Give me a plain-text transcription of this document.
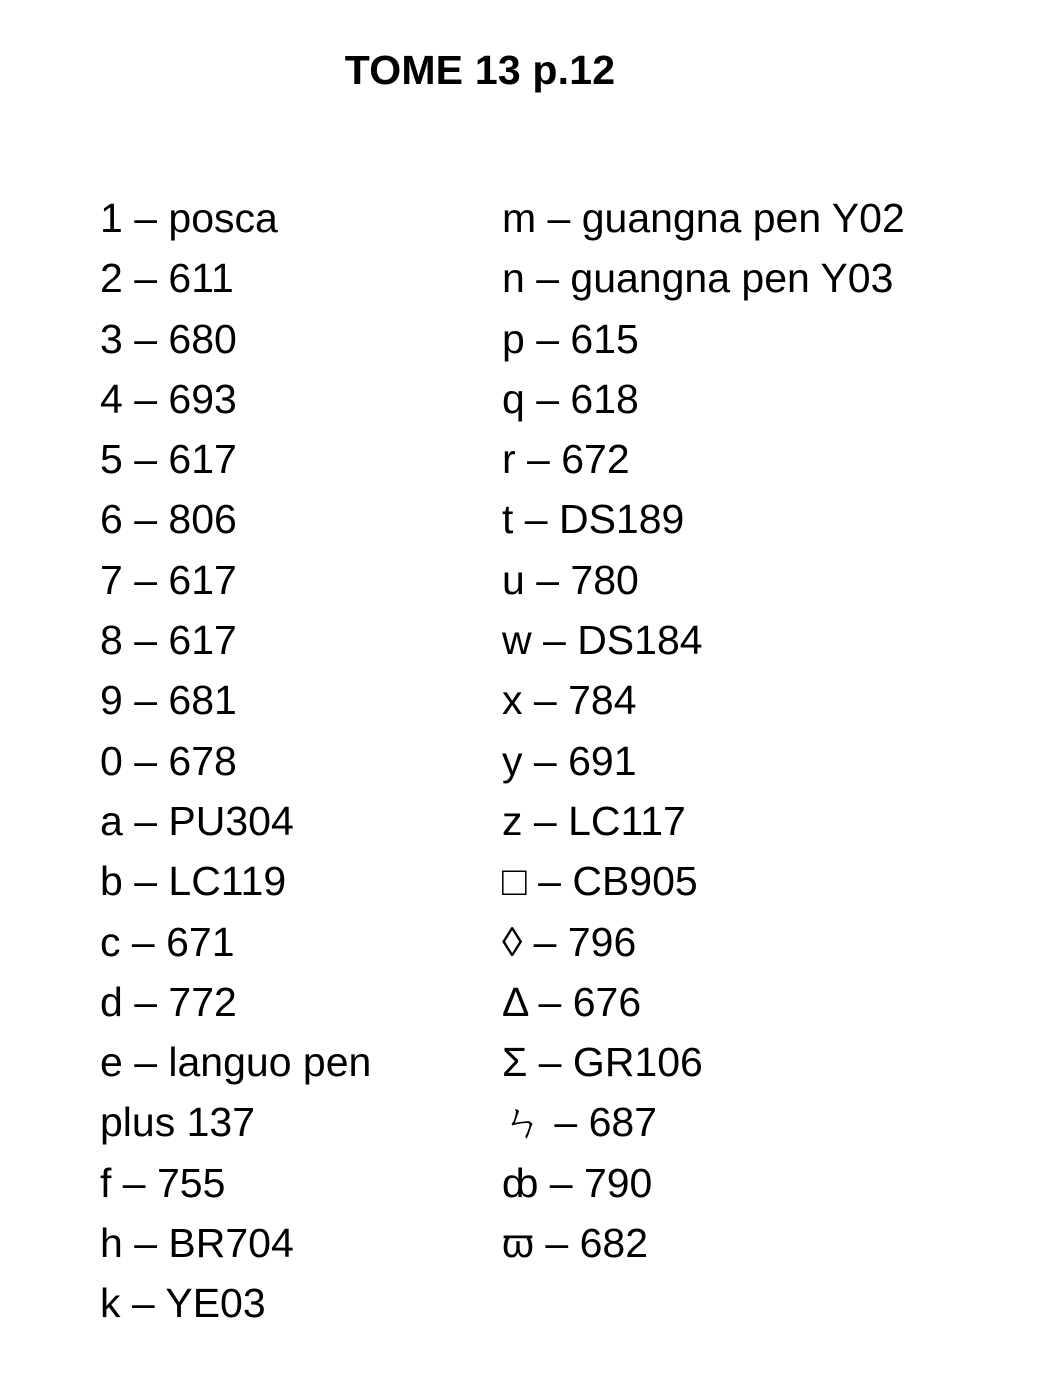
TOME 13 p.12
1 – posca
2 – 611
3 – 680
4 – 693
5 – 617
6 – 806
7 – 617
8 – 617
9 – 681
0 – 678
a – PU304
b – LC119
c – 671
d – 772
e – languo pen
plus 137
f – 755
h – BR704
k – YE03
m – guangna pen Y02
n – guangna pen Y03
p – 615
q – 618
r – 672
t – DS189
u – 780
w – DS184
x – 784
y – 691
z – LC117
□ – CB905
◊ – 796
Δ – 676
Σ – GR106
ㄣ – 687
ȸ – 790
ϖ – 682
